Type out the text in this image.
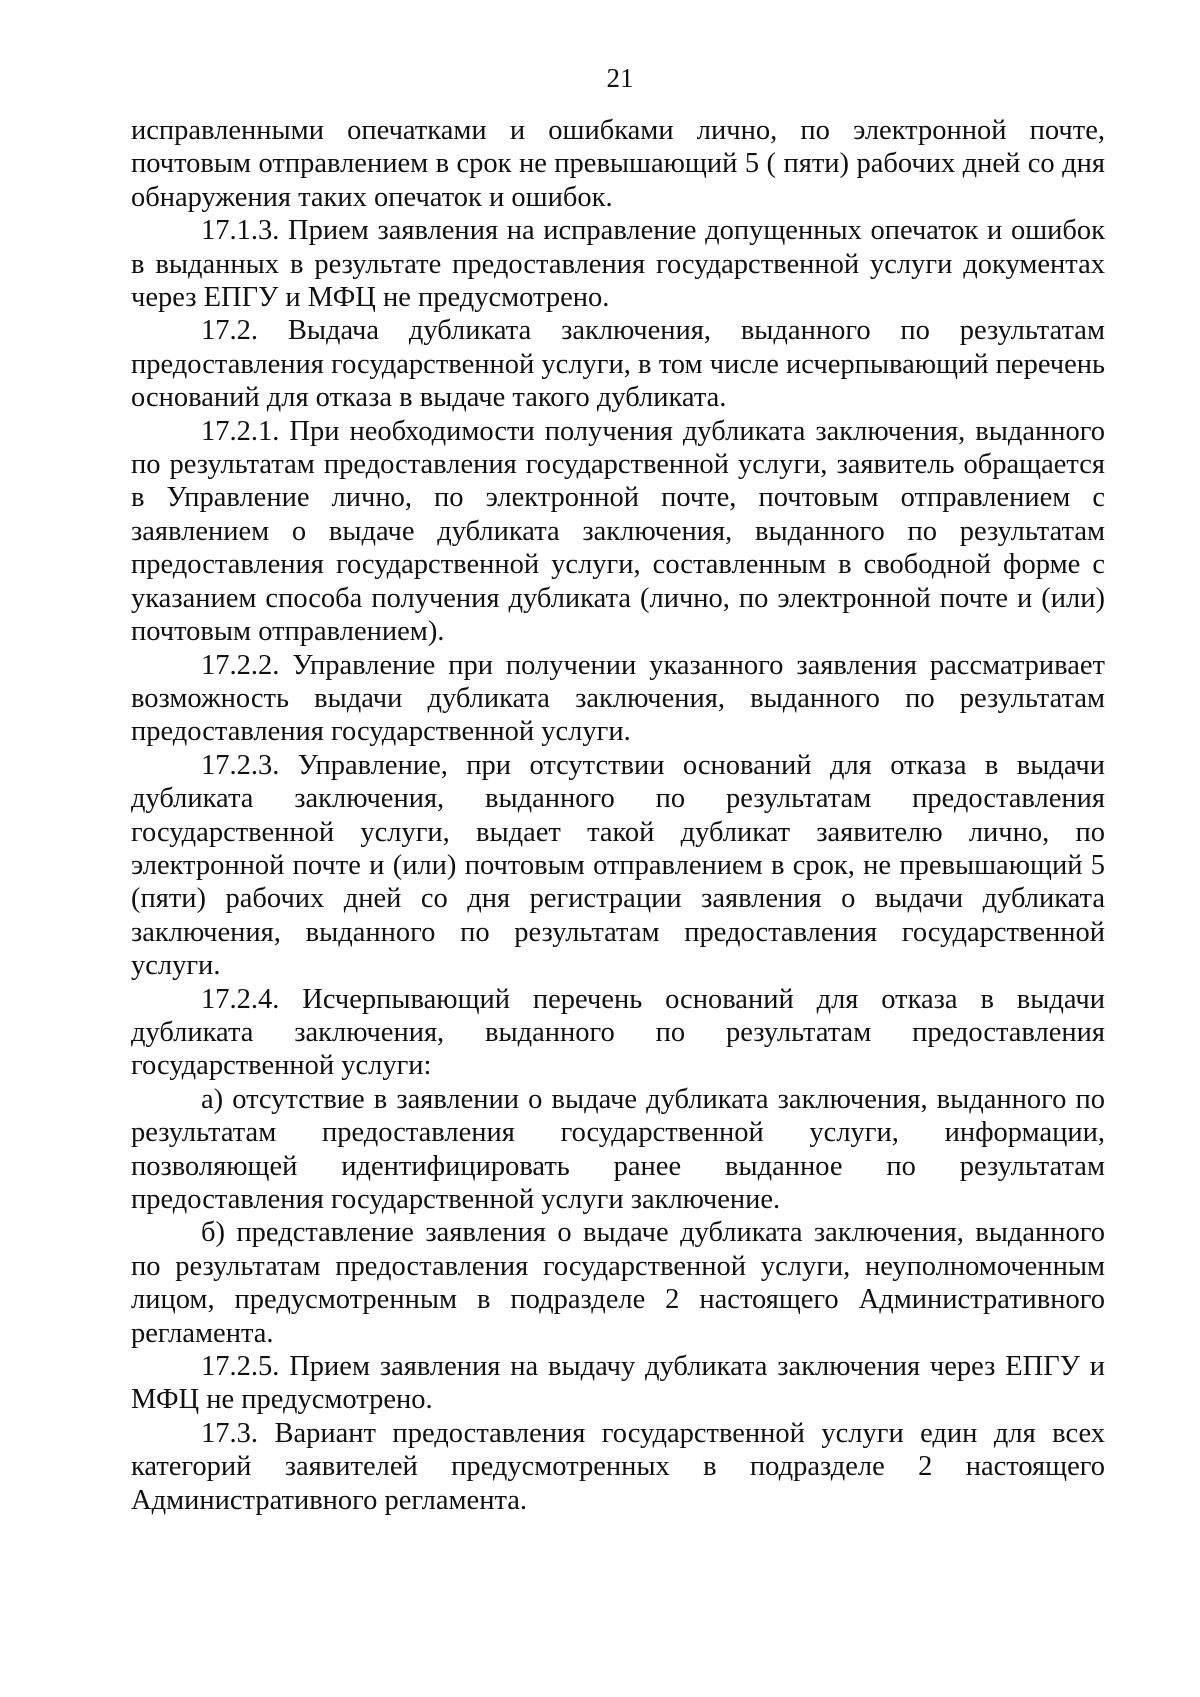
21

исправленными опечатками и ошибками лично, по электронной почте, почтовым отправлением в срок не превышающий 5 ( пяти) рабочих дней со дня обнаружения таких опечаток и ошибок.

17.1.3. Прием заявления на исправление допущенных опечаток и ошибок в выданных в результате предоставления государственной услуги документах через ЕПГУ и МФЦ не предусмотрено.

17.2. Выдача дубликата заключения, выданного по результатам предоставления государственной услуги, в том числе исчерпывающий перечень оснований для отказа в выдаче такого дубликата.

17.2.1. При необходимости получения дубликата заключения, выданного по результатам предоставления государственной услуги, заявитель обращается в Управление лично, по электронной почте, почтовым отправлением с заявлением о выдаче дубликата заключения, выданного по результатам предоставления государственной услуги, составленным в свободной форме с указанием способа получения дубликата (лично, по электронной почте и (или) почтовым отправлением).

17.2.2. Управление при получении указанного заявления рассматривает возможность выдачи дубликата заключения, выданного по результатам предоставления государственной услуги.

17.2.3. Управление, при отсутствии оснований для отказа в выдачи дубликата заключения, выданного по результатам предоставления государственной услуги, выдает такой дубликат заявителю лично, по электронной почте и (или) почтовым отправлением в срок, не превышающий 5 (пяти) рабочих дней со дня регистрации заявления о выдачи дубликата заключения, выданного по результатам предоставления государственной услуги.

17.2.4. Исчерпывающий перечень оснований для отказа в выдачи дубликата заключения, выданного по результатам предоставления государственной услуги:

а) отсутствие в заявлении о выдаче дубликата заключения, выданного по результатам предоставления государственной услуги, информации, позволяющей идентифицировать ранее выданное по результатам предоставления государственной услуги заключение.

б) представление заявления о выдаче дубликата заключения, выданного по результатам предоставления государственной услуги, неуполномоченным лицом, предусмотренным в подразделе 2 настоящего Административного регламента.

17.2.5. Прием заявления на выдачу дубликата заключения через ЕПГУ и МФЦ не предусмотрено.

17.3. Вариант предоставления государственной услуги един для всех категорий заявителей предусмотренных в подразделе 2 настоящего Административного регламента.
